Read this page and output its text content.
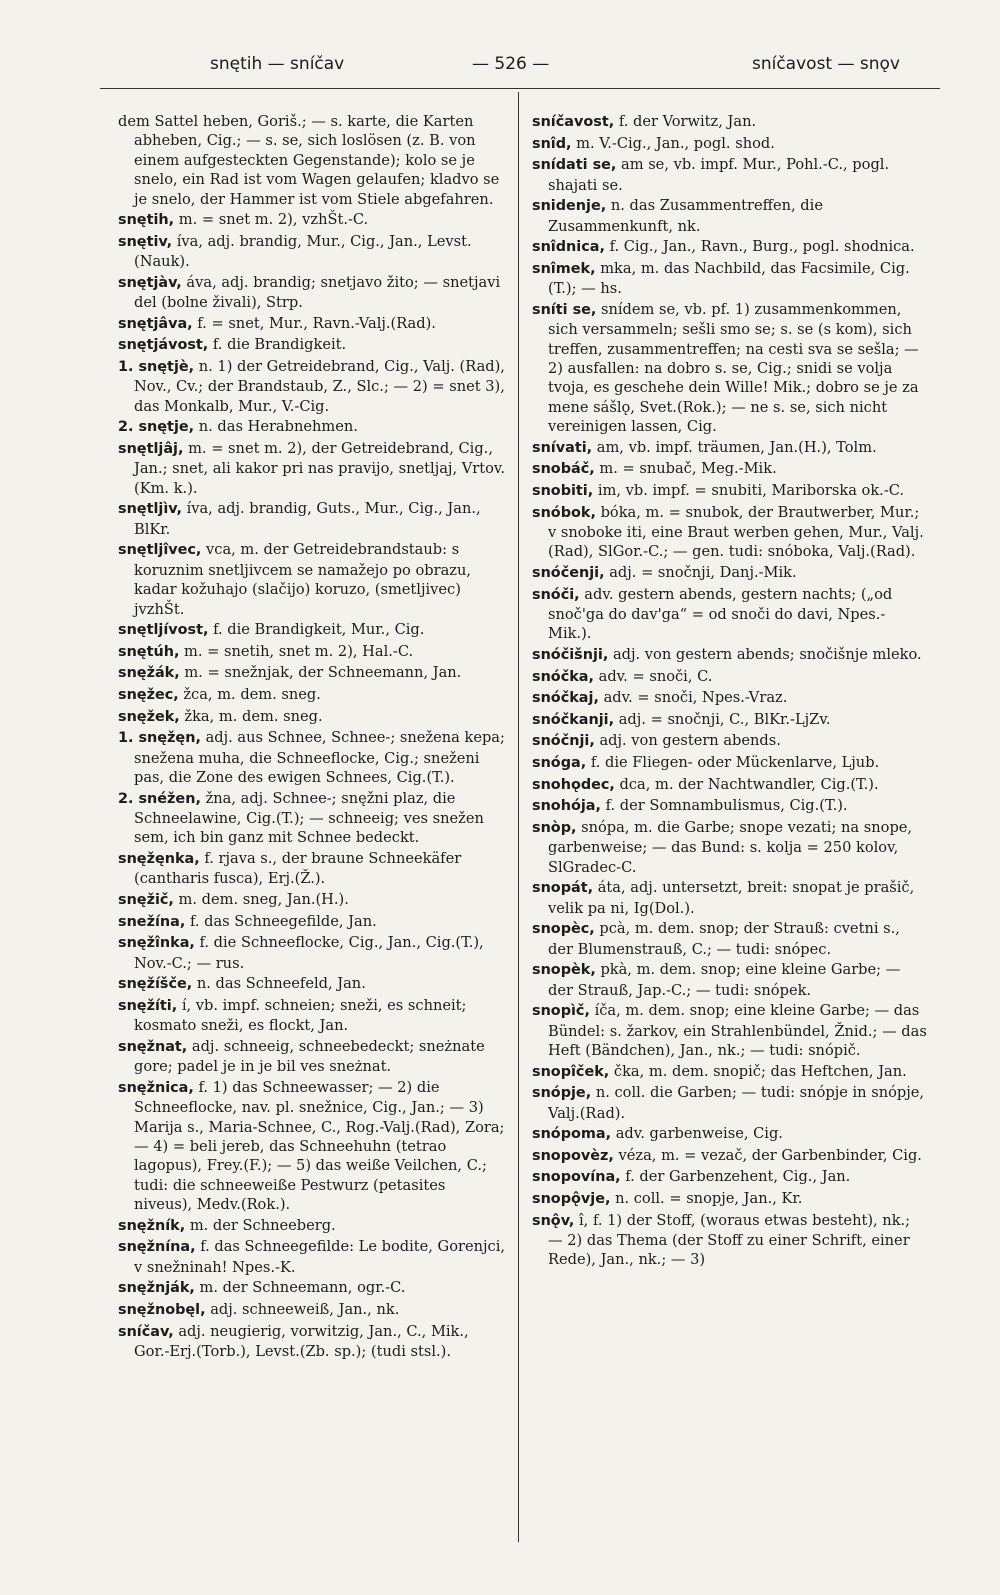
snętih — sníčav	— 526 —	sníčavost — snǫv

dem Sattel heben, Goriš.; — s. karte, die Karten abheben, Cig.; — s. se, sich loslösen (z. B. von einem aufgesteckten Gegenstande); kolo se je snelo, ein Rad ist vom Wagen gelaufen; kladvo se je snelo, der Hammer ist vom Stiele abgefahren.

snętih, m. = snet m. 2), vzhŠt.-C.

snętiv, íva, adj. brandig, Mur., Cig., Jan., Levst.(Nauk).

snętjàv, áva, adj. brandig; snetjavo žito; — snetjavi del (bolne živali), Strp.

snętjâva, f. = snet, Mur., Ravn.-Valj.(Rad).

snętjávost, f. die Brandigkeit.

1. snętjè, n. 1) der Getreidebrand, Cig., Valj. (Rad), Nov., Cv.; der Brandstaub, Z., Slc.; — 2) = snet 3), das Monkalb, Mur., V.-Cig.

2. snętje, n. das Herabnehmen.

snętljâj, m. = snet m. 2), der Getreidebrand, Cig., Jan.; snet, ali kakor pri nas pravijo, snetljaj, Vrtov.(Km. k.).

snętljìv, íva, adj. brandig, Guts., Mur., Cig., Jan., BlKr.

snętljîvec, vca, m. der Getreidebrandstaub: s koruznim snetljivcem se namažejo po obrazu, kadar kožuhajo (slačijo) koruzo, (smetljivec) jvzhŠt.

snętljívost, f. die Brandigkeit, Mur., Cig.

snętúh, m. = snetih, snet m. 2), Hal.-C.

snęžák, m. = snežnjak, der Schneemann, Jan.

snęžec, žca, m. dem. sneg.

snęžek, žka, m. dem. sneg.

1. snęžęn, adj. aus Schnee, Schnee-; snežena kepa; snežena muha, die Schneeflocke, Cig.; sneženi pas, die Zone des ewigen Schnees, Cig.(T.).

2. snéžen, žna, adj. Schnee-; snęžni plaz, die Schneelawine, Cig.(T.); — schneeig; ves snežen sem, ich bin ganz mit Schnee bedeckt.

snęžęnka, f. rjava s., der braune Schneekäfer (cantharis fusca), Erj.(Ž.).

snęžič, m. dem. sneg, Jan.(H.).

snežína, f. das Schneegefilde, Jan.

snęžînka, f. die Schneeflocke, Cig., Jan., Cig.(T.), Nov.-C.; — rus.

snęžíšče, n. das Schneefeld, Jan.

snęžíti, í, vb. impf. schneien; sneži, es schneit; kosmato sneži, es flockt, Jan.

snęžnat, adj. schneeig, schneebedeckt; sneżnate gore; padel je in je bil ves sneżnat.

snęžnica, f. 1) das Schneewasser; — 2) die Schneeflocke, nav. pl. snežnice, Cig., Jan.; — 3) Marija s., Maria-Schnee, C., Rog.-Valj.(Rad), Zora; — 4) = beli jereb, das Schneehuhn (tetrao lagopus), Frey.(F.); — 5) das weiße Veilchen, C.; tudi: die schneeweiße Pestwurz (petasites niveus), Medv.(Rok.).

snęžník, m. der Schneeberg.

snęžnína, f. das Schneegefilde: Le bodite, Gorenjci, v snežninah! Npes.-K.

snęžnják, m. der Schneemann, ogr.-C.

snęžnobęl, adj. schneeweiß, Jan., nk.

sníčav, adj. neugierig, vorwitzig, Jan., C., Mik., Gor.-Erj.(Torb.), Levst.(Zb. sp.); (tudi stsl.).

sníčavost, f. der Vorwitz, Jan.

snîd, m. V.-Cig., Jan., pogl. shod.

snídati se, am se, vb. impf. Mur., Pohl.-C., pogl. shajati se.

snidenje, n. das Zusammentreffen, die Zusammenkunft, nk.

snîdnica, f. Cig., Jan., Ravn., Burg., pogl. shodnica.

snîmek, mka, m. das Nachbild, das Facsimile, Cig.(T.); — hs.

sníti se, snídem se, vb. pf. 1) zusammenkommen, sich versammeln; sešli smo se; s. se (s kom), sich treffen, zusammentreffen; na cesti sva se sešla; — 2) ausfallen: na dobro s. se, Cig.; snidi se volja tvoja, es geschehe dein Wille! Mik.; dobro se je za mene sášlǫ, Svet.(Rok.); — ne s. se, sich nicht vereinigen lassen, Cig.

snívati, am, vb. impf. träumen, Jan.(H.), Tolm.

snobáč, m. = snubač, Meg.-Mik.

snobiti, im, vb. impf. = snubiti, Mariborska ok.-C.

snóbok, bóka, m. = snubok, der Brautwerber, Mur.; v snoboke iti, eine Braut werben gehen, Mur., Valj.(Rad), SlGor.-C.; — gen. tudi: snóboka, Valj.(Rad).

snóčenji, adj. = snočnji, Danj.-Mik.

snóči, adv. gestern abends, gestern nachts; („od snoč'ga do dav'ga“ = od snoči do davi, Npes.-Mik.).

snóčišnji, adj. von gestern abends; snočišnje mleko.

snóčka, adv. = snoči, C.

snóčkaj, adv. = snoči, Npes.-Vraz.

snóčkanji, adj. = snočnji, C., BlKr.-LjZv.

snóčnji, adj. von gestern abends.

snóga, f. die Fliegen- oder Mückenlarve, Ljub.

snohǫdec, dca, m. der Nachtwandler, Cig.(T.).

snohója, f. der Somnambulismus, Cig.(T.).

snòp, snópa, m. die Garbe; snope vezati; na snope, garbenweise; — das Bund: s. kolja = 250 kolov, SlGradec-C.

snopát, áta, adj. untersetzt, breit: snopat je prašič, velik pa ni, Ig(Dol.).

snopèc, pcà, m. dem. snop; der Strauß: cvetni s., der Blumenstrauß, C.; — tudi: snópec.

snopèk, pkà, m. dem. snop; eine kleine Garbe; — der Strauß, Jap.-C.; — tudi: snópek.

snopìč, íča, m. dem. snop; eine kleine Garbe; — das Bündel: s. žarkov, ein Strahlenbündel, Žnid.; — das Heft (Bändchen), Jan., nk.; — tudi: snópič.

snopîček, čka, m. dem. snopič; das Heftchen, Jan.

snópje, n. coll. die Garben; — tudi: snópje in snópje, Valj.(Rad).

snópoma, adv. garbenweise, Cig.

snopovèz, véza, m. = vezač, der Garbenbinder, Cig.

snopovína, f. der Garbenzehent, Cig., Jan.

snopǫ̂vje, n. coll. = snopje, Jan., Kr.

snǫ̂v, î, f. 1) der Stoff, (woraus etwas besteht), nk.; — 2) das Thema (der Stoff zu einer Schrift, einer Rede), Jan., nk.; — 3)
